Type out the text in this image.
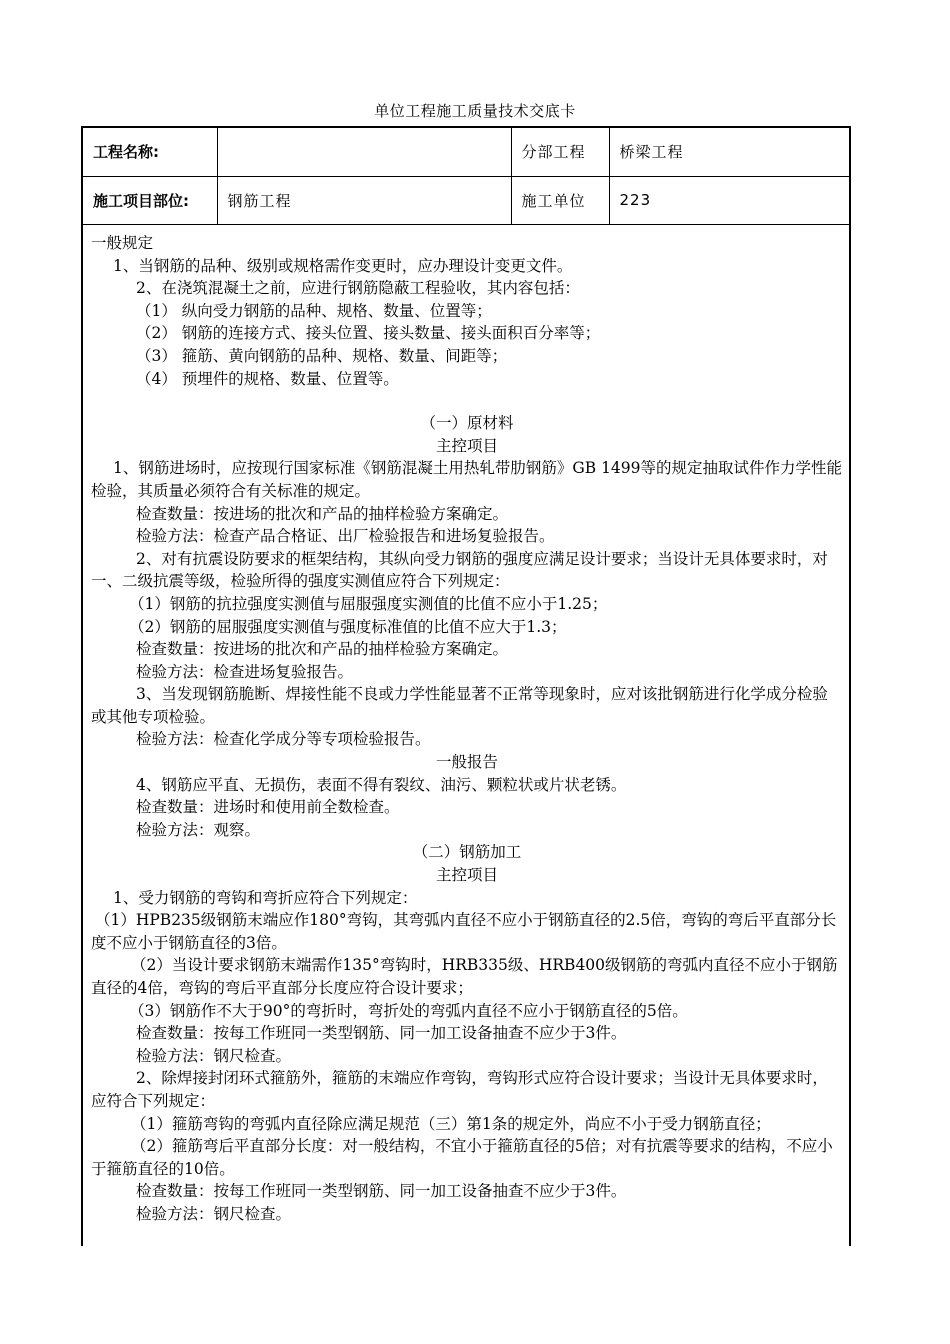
单位工程施工质量技术交底卡
工程名称:		分部工程	桥梁工程
施工项目部位:	钢筋工程	施工单位	223

一般规定

1、当钢筋的品种、级别或规格需作变更时，应办理设计变更文件。

2、在浇筑混凝土之前，应进行钢筋隐蔽工程验收，其内容包括：

（1） 纵向受力钢筋的品种、规格、数量、位置等；

（2） 钢筋的连接方式、接头位置、接头数量、接头面积百分率等；

（3） 箍筋、黄向钢筋的品种、规格、数量、间距等；

（4） 预埋件的规格、数量、位置等。

（一）原材料

主控项目

1、钢筋进场时，应按现行国家标准《钢筋混凝土用热轧带肋钢筋》GB 1499等的规定抽取试件作力学性能检验，其质量必须符合有关标准的规定。

检查数量：按进场的批次和产品的抽样检验方案确定。

检验方法：检查产品合格证、出厂检验报告和进场复验报告。

2、对有抗震设防要求的框架结构，其纵向受力钢筋的强度应满足设计要求；当设计无具体要求时，对一、二级抗震等级，检验所得的强度实测值应符合下列规定：

（1）钢筋的抗拉强度实测值与屈服强度实测值的比值不应小于1.25；

（2）钢筋的屈服强度实测值与强度标准值的比值不应大于1.3；

检查数量：按进场的批次和产品的抽样检验方案确定。

检验方法：检查进场复验报告。

3、当发现钢筋脆断、焊接性能不良或力学性能显著不正常等现象时，应对该批钢筋进行化学成分检验或其他专项检验。

检验方法：检查化学成分等专项检验报告。

一般报告

4、钢筋应平直、无损伤，表面不得有裂纹、油污、颗粒状或片状老锈。

检查数量：进场时和使用前全数检查。

检验方法：观察。

（二）钢筋加工

主控项目

1、受力钢筋的弯钩和弯折应符合下列规定：

（1）HPB235级钢筋末端应作180°弯钩，其弯弧内直径不应小于钢筋直径的2.5倍，弯钩的弯后平直部分长度不应小于钢筋直径的3倍。

（2）当设计要求钢筋末端需作135°弯钩时，HRB335级、HRB400级钢筋的弯弧内直径不应小于钢筋直径的4倍，弯钩的弯后平直部分长度应符合设计要求；

（3）钢筋作不大于90°的弯折时，弯折处的弯弧内直径不应小于钢筋直径的5倍。

检查数量：按每工作班同一类型钢筋、同一加工设备抽查不应少于3件。

检验方法：钢尺检查。

2、除焊接封闭环式箍筋外，箍筋的末端应作弯钩，弯钩形式应符合设计要求；当设计无具体要求时，应符合下列规定：

（1）箍筋弯钩的弯弧内直径除应满足规范（三）第1条的规定外，尚应不小于受力钢筋直径；

（2）箍筋弯后平直部分长度：对一般结构，不宜小于箍筋直径的5倍；对有抗震等要求的结构，不应小于箍筋直径的10倍。

检查数量：按每工作班同一类型钢筋、同一加工设备抽查不应少于3件。

检验方法：钢尺检查。
